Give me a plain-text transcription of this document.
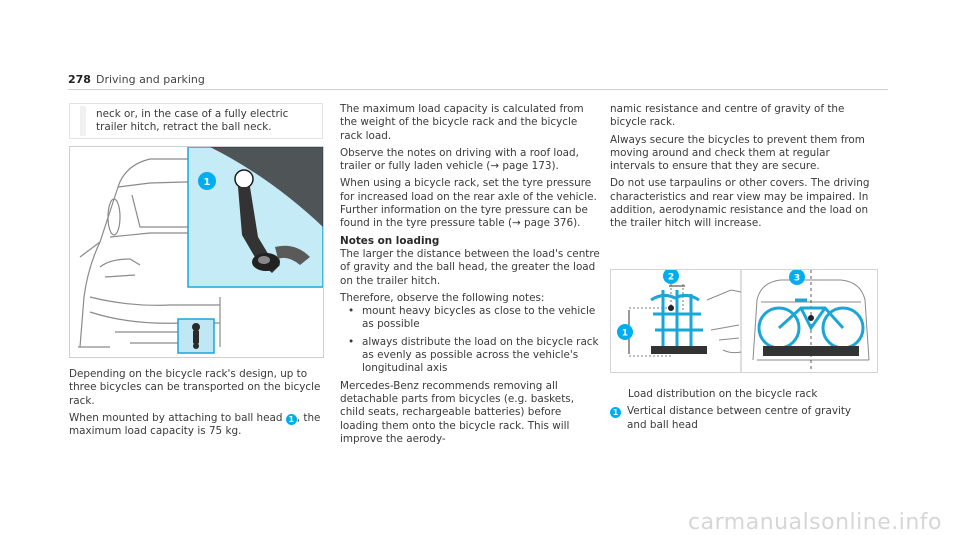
278 Driving and parking
neck or, in the case of a fully electric trailer hitch, retract the ball neck.
1

Depending on the bicycle rack's design, up to three bicycles can be transported on the bicycle rack.

When mounted by attaching to ball head 1 , the maximum load capacity is 75 kg.

The maximum load capacity is calculated from the weight of the bicycle rack and the bicycle rack load.

Observe the notes on driving with a roof load, trailer or fully laden vehicle (→ page 173).

When using a bicycle rack, set the tyre pressure for increased load on the rear axle of the vehicle. Further information on the tyre pressure can be found in the tyre pressure table (→ page 376).

Notes on loading

The larger the distance between the load's centre of gravity and the ball head, the greater the load on the trailer hitch.

Therefore, observe the following notes:

• mount heavy bicycles as close to the vehicle as possible
• always distribute the load on the bicycle rack as evenly as possible across the vehicle's longitudinal axis

Mercedes-Benz recommends removing all detachable parts from bicycles (e.g. baskets, child seats, rechargeable batteries) before loading them onto the bicycle rack. This will improve the aerody-

namic resistance and centre of gravity of the bicycle rack.

Always secure the bicycles to prevent them from moving around and check them at regular intervals to ensure that they are secure.

Do not use tarpaulins or other covers. The driving characteristics and rear view may be impaired. In addition, aerodynamic resistance and the load on the trailer hitch will increase.

2
1
3

Load distribution on the bicycle rack

1 Vertical distance between centre of gravity and ball head
carmanualsonline.info
